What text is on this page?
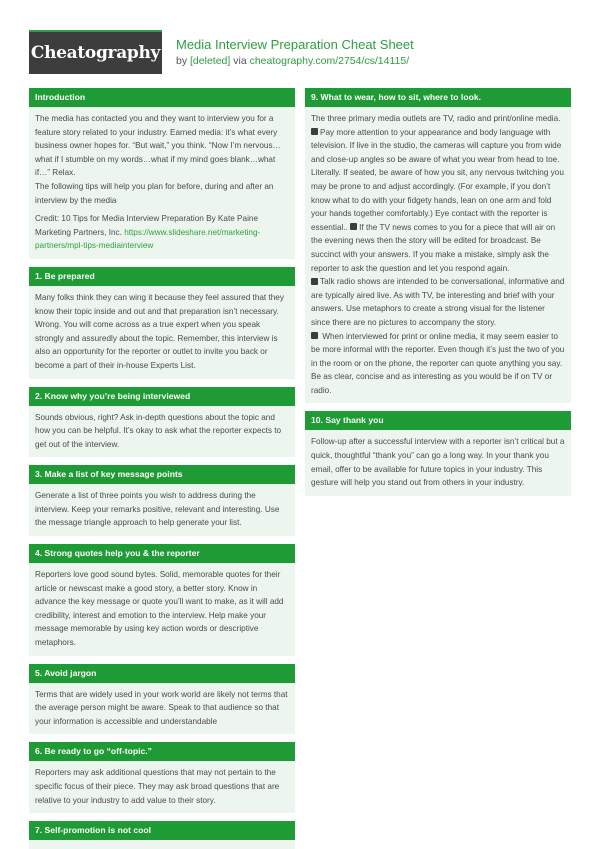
Cheatography Media Interview Preparation Cheat Sheet
by [deleted] via cheatography.com/2754/cs/14115/
Introduction
The media has contacted you and they want to interview you for a feature story related to your industry. Earned media: it’s what every business owner hopes for. “But wait,” you think. “Now I’m nervous…what if I stumble on my words…what if my mind goes blank…what if…” Relax.
The following tips will help you plan for before, during and after an interview by the media
Credit: 10 Tips for Media Interview Preparation By Kate Paine Marketing Partners, Inc. https://www.slideshare.net/marketing-partners/mpl-tips-mediainterview
1. Be prepared
Many folks think they can wing it because they feel assured that they know their topic inside and out and that preparation isn’t necessary. Wrong. You will come across as a true expert when you speak strongly and assuredly about the topic. Remember, this interview is also an opportunity for the reporter or outlet to invite you back or become a part of their in-house Experts List.
2. Know why you’re being interviewed
Sounds obvious, right? Ask in-depth questions about the topic and how you can be helpful. It’s okay to ask what the reporter expects to get out of the interview.
3. Make a list of key message points
Generate a list of three points you wish to address during the interview. Keep your remarks positive, relevant and interesting. Use the message triangle approach to help generate your list.
4. Strong quotes help you & the reporter
Reporters love good sound bytes. Solid, memorable quotes for their article or newscast make a good story, a better story. Know in advance the key message or quote you’ll want to make, as it will add credibility, interest and emotion to the interview. Help make your message memorable by using key action words or descriptive metaphors.
5. Avoid jargon
Terms that are widely used in your work world are likely not terms that the average person might be aware. Speak to that audience so that your information is accessible and understandable
6. Be ready to go “off-topic.”
Reporters may ask additional questions that may not pertain to the specific focus of their piece. They may ask broad questions that are relative to your industry to add value to their story.
7. Self-promotion is not cool
9. What to wear, how to sit, where to look.
The three primary media outlets are TV, radio and print/online media.
Pay more attention to your appearance and body language with television. If live in the studio, the cameras will capture you from wide and close-up angles so be aware of what you wear from head to toe. Literally. If seated, be aware of how you sit, any nervous twitching you may be prone to and adjust accordingly. (For example, if you don’t know what to do with your fidgety hands, lean on one arm and fold your hands together comfortably.) Eye contact with the reporter is essential.. If the TV news comes to you for a piece that will air on the evening news then the story will be edited for broadcast. Be succinct with your answers. If you make a mistake, simply ask the reporter to ask the question and let you respond again.
Talk radio shows are intended to be conversational, informative and are typically aired live. As with TV, be interesting and brief with your answers. Use metaphors to create a strong visual for the listener since there are no pictures to accompany the story.
When interviewed for print or online media, it may seem easier to be more informal with the reporter. Even though it’s just the two of you in the room or on the phone, the reporter can quote anything you say. Be as clear, concise and as interesting as you would be if on TV or radio.
10. Say thank you
Follow-up after a successful interview with a reporter isn’t critical but a quick, thoughtful “thank you” can go a long way. In your thank you email, offer to be available for future topics in your industry. This gesture will help you stand out from others in your industry.
